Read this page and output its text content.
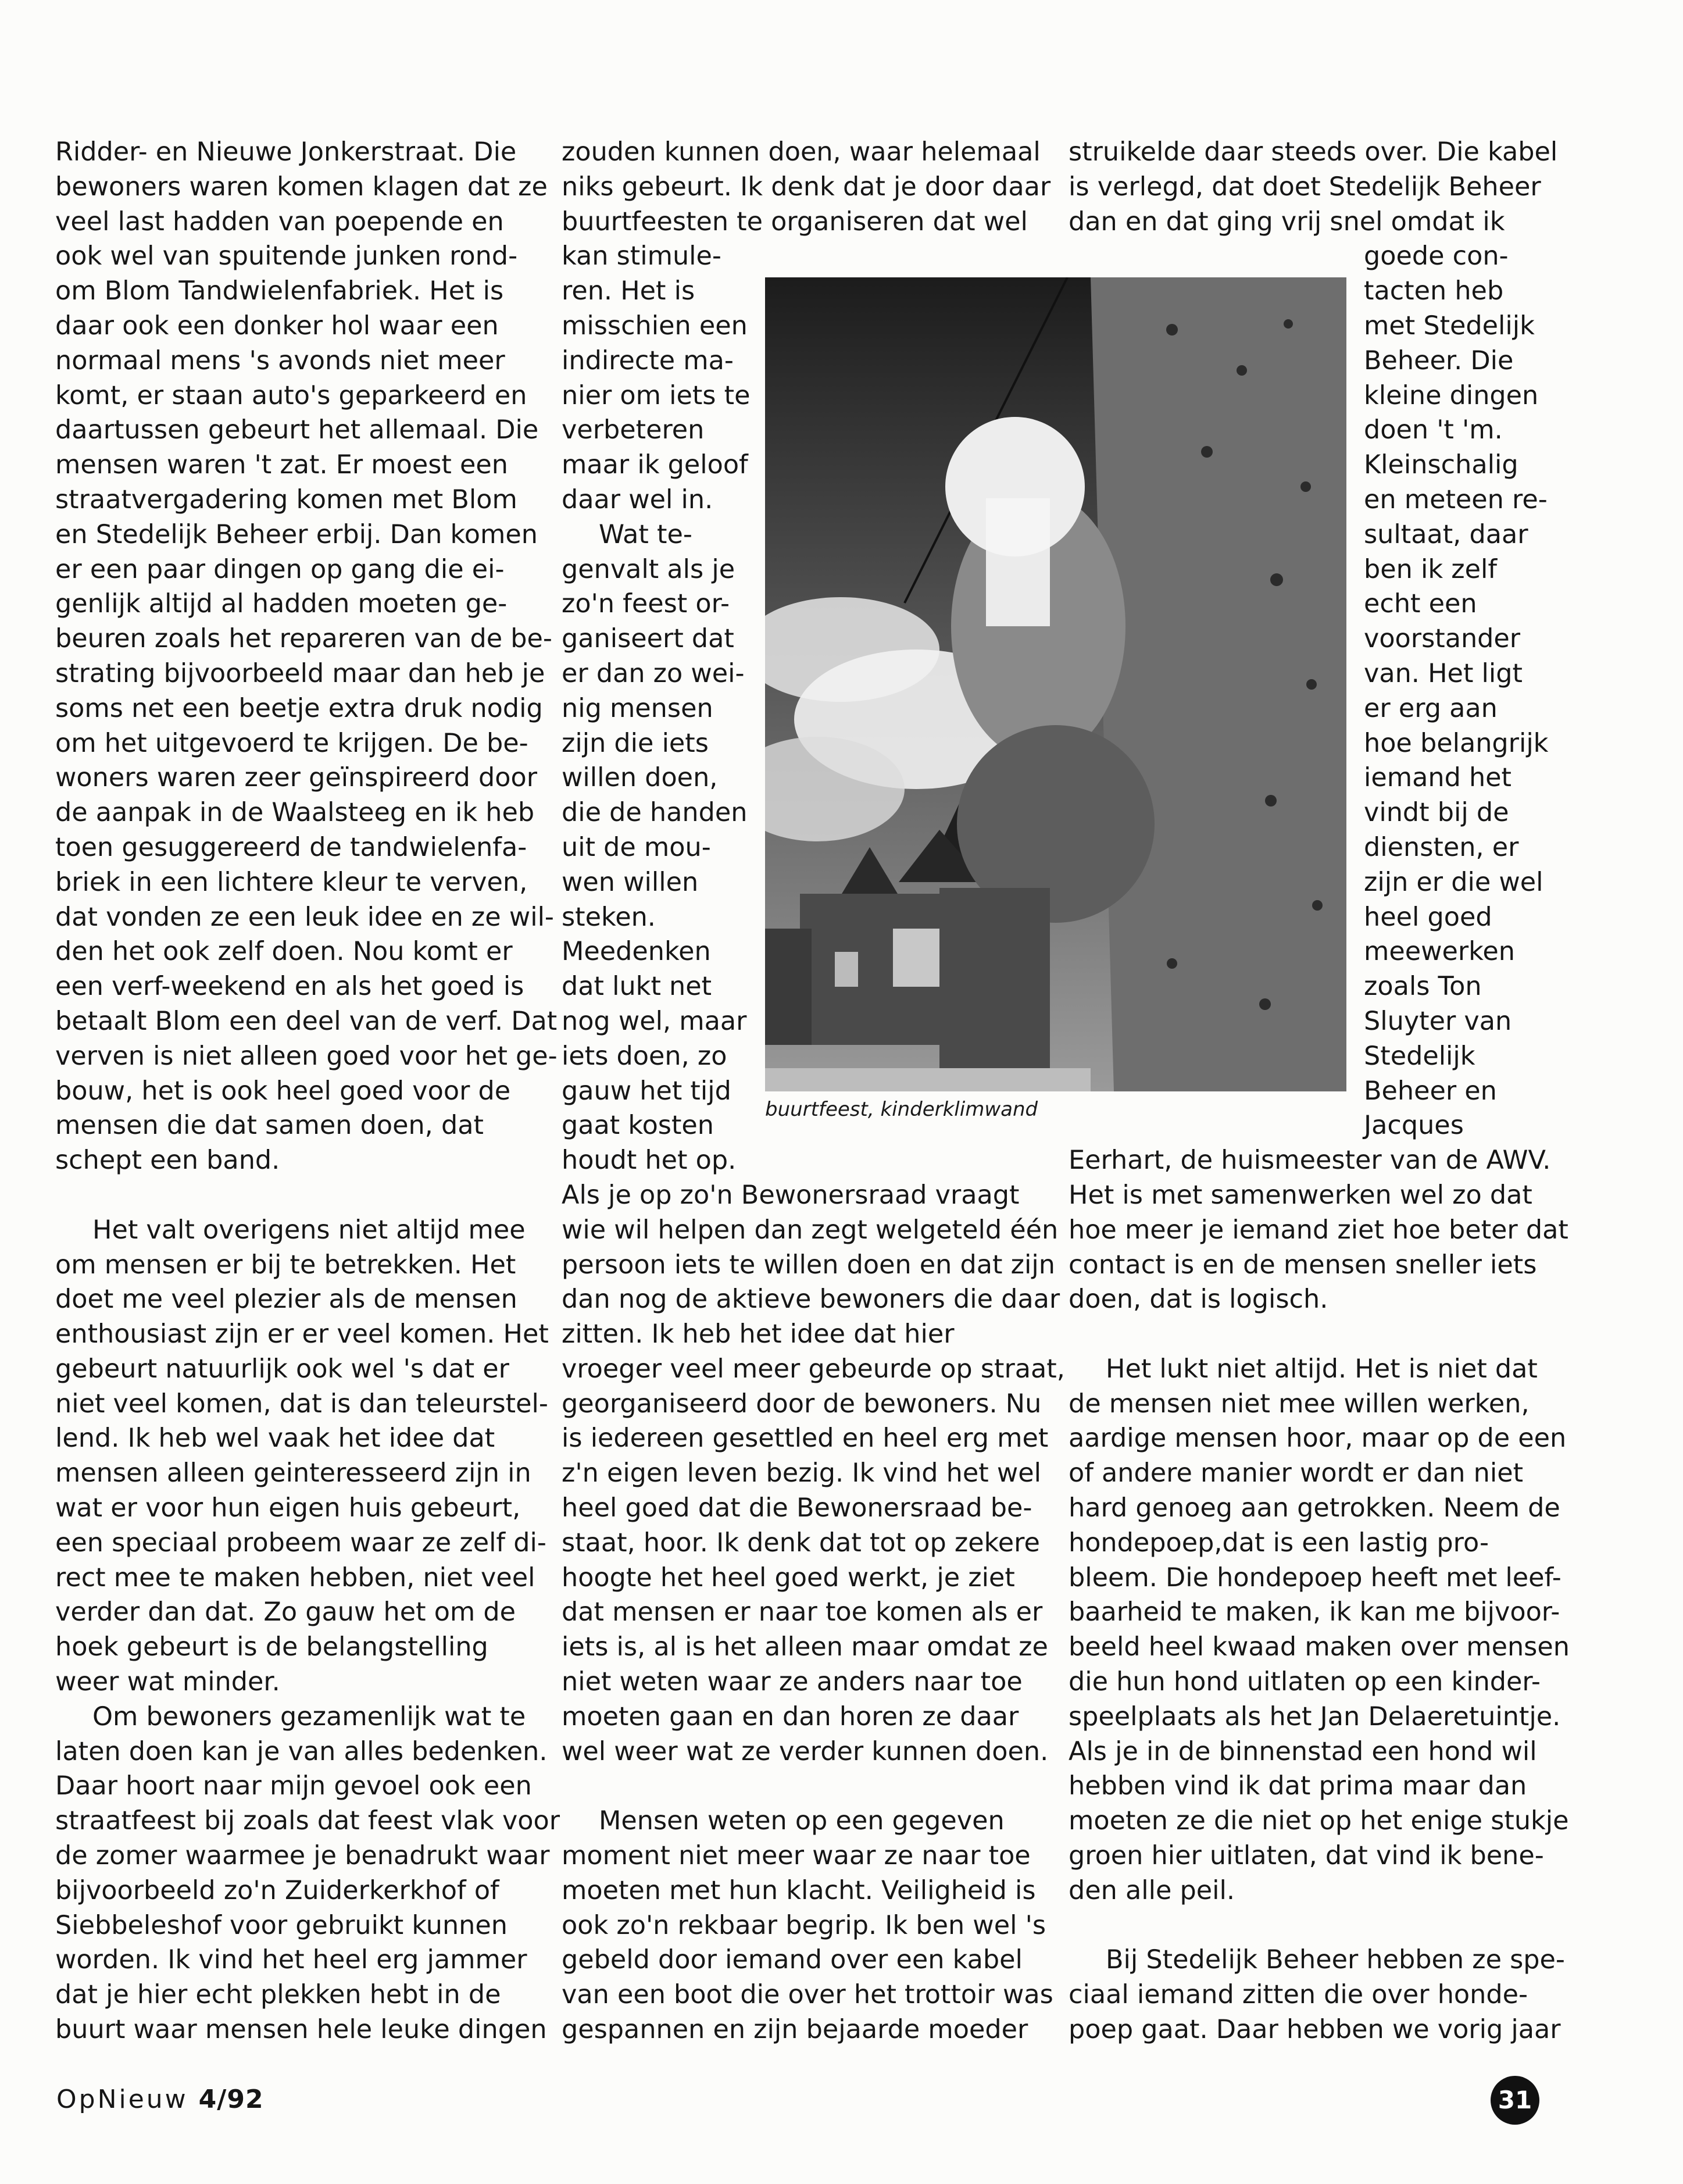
Ridder- en Nieuwe Jonkerstraat. Die
bewoners waren komen klagen dat ze
veel last hadden van poepende en
ook wel van spuitende junken rond-
om Blom Tandwielenfabriek. Het is
daar ook een donker hol waar een
normaal mens 's avonds niet meer
komt, er staan auto's geparkeerd en
daartussen gebeurt het allemaal. Die
mensen waren 't zat. Er moest een
straatvergadering komen met Blom
en Stedelijk Beheer erbij. Dan komen
er een paar dingen op gang die ei-
genlijk altijd al hadden moeten ge-
beuren zoals het repareren van de be-
strating bijvoorbeeld maar dan heb je
soms net een beetje extra druk nodig
om het uitgevoerd te krijgen. De be-
woners waren zeer geïnspireerd door
de aanpak in de Waalsteeg en ik heb
toen gesuggereerd de tandwielenfa-
briek in een lichtere kleur te verven,
dat vonden ze een leuk idee en ze wil-
den het ook zelf doen. Nou komt er
een verf-weekend en als het goed is
betaalt Blom een deel van de verf. Dat
verven is niet alleen goed voor het ge-
bouw, het is ook heel goed voor de
mensen die dat samen doen, dat
schept een band.

Het valt overigens niet altijd mee
om mensen er bij te betrekken. Het
doet me veel plezier als de mensen
enthousiast zijn er er veel komen. Het
gebeurt natuurlijk ook wel 's dat er
niet veel komen, dat is dan teleurstel-
lend. Ik heb wel vaak het idee dat
mensen alleen geinteresseerd zijn in
wat er voor hun eigen huis gebeurt,
een speciaal probeem waar ze zelf di-
rect mee te maken hebben, niet veel
verder dan dat. Zo gauw het om de
hoek gebeurt is de belangstelling
weer wat minder.

Om bewoners gezamenlijk wat te
laten doen kan je van alles bedenken.
Daar hoort naar mijn gevoel ook een
straatfeest bij zoals dat feest vlak voor
de zomer waarmee je benadrukt waar
bijvoorbeeld zo'n Zuiderkerkhof of
Siebbeleshof voor gebruikt kunnen
worden. Ik vind het heel erg jammer
dat je hier echt plekken hebt in de
buurt waar mensen hele leuke dingen

zouden kunnen doen, waar helemaal
niks gebeurt. Ik denk dat je door daar
buurtfeesten te organiseren dat wel

kan stimule-
ren. Het is
misschien een
indirecte ma-
nier om iets te
verbeteren
maar ik geloof
daar wel in.

Wat te-
genvalt als je
zo'n feest or-
ganiseert dat
er dan zo wei-
nig mensen
zijn die iets
willen doen,
die de handen
uit de mou-
wen willen
steken.
Meedenken
dat lukt net
nog wel, maar
iets doen, zo
gauw het tijd
gaat kosten
houdt het op.

Als je op zo'n Bewonersraad vraagt
wie wil helpen dan zegt welgeteld één
persoon iets te willen doen en dat zijn
dan nog de aktieve bewoners die daar
zitten. Ik heb het idee dat hier
vroeger veel meer gebeurde op straat,
georganiseerd door de bewoners. Nu
is iedereen gesettled en heel erg met
z'n eigen leven bezig. Ik vind het wel
heel goed dat die Bewonersraad be-
staat, hoor. Ik denk dat tot op zekere
hoogte het heel goed werkt, je ziet
dat mensen er naar toe komen als er
iets is, al is het alleen maar omdat ze
niet weten waar ze anders naar toe
moeten gaan en dan horen ze daar
wel weer wat ze verder kunnen doen.

Mensen weten op een gegeven
moment niet meer waar ze naar toe
moeten met hun klacht. Veiligheid is
ook zo'n rekbaar begrip. Ik ben wel 's
gebeld door iemand over een kabel
van een boot die over het trottoir was
gespannen en zijn bejaarde moeder

struikelde daar steeds over. Die kabel
is verlegd, dat doet Stedelijk Beheer
dan en dat ging vrij snel omdat ik

goede con-
tacten heb
met Stedelijk
Beheer. Die
kleine dingen
doen 't 'm.
Kleinschalig
en meteen re-
sultaat, daar
ben ik zelf
echt een
voorstander
van. Het ligt
er erg aan
hoe belangrijk
iemand het
vindt bij de
diensten, er
zijn er die wel
heel goed
meewerken
zoals Ton
Sluyter van
Stedelijk
Beheer en
Jacques

Eerhart, de huismeester van de AWV.
Het is met samenwerken wel zo dat
hoe meer je iemand ziet hoe beter dat
contact is en de mensen sneller iets
doen, dat is logisch.

Het lukt niet altijd. Het is niet dat
de mensen niet mee willen werken,
aardige mensen hoor, maar op de een
of andere manier wordt er dan niet
hard genoeg aan getrokken. Neem de
hondepoep,dat is een lastig pro-
bleem. Die hondepoep heeft met leef-
baarheid te maken, ik kan me bijvoor-
beeld heel kwaad maken over mensen
die hun hond uitlaten op een kinder-
speelplaats als het Jan Delaeretuintje.
Als je in de binnenstad een hond wil
hebben vind ik dat prima maar dan
moeten ze die niet op het enige stukje
groen hier uitlaten, dat vind ik bene-
den alle peil.

Bij Stedelijk Beheer hebben ze spe-
ciaal iemand zitten die over honde-
poep gaat. Daar hebben we vorig jaar

buurtfeest, kinderklimwand
OpNieuw 4/92	31
